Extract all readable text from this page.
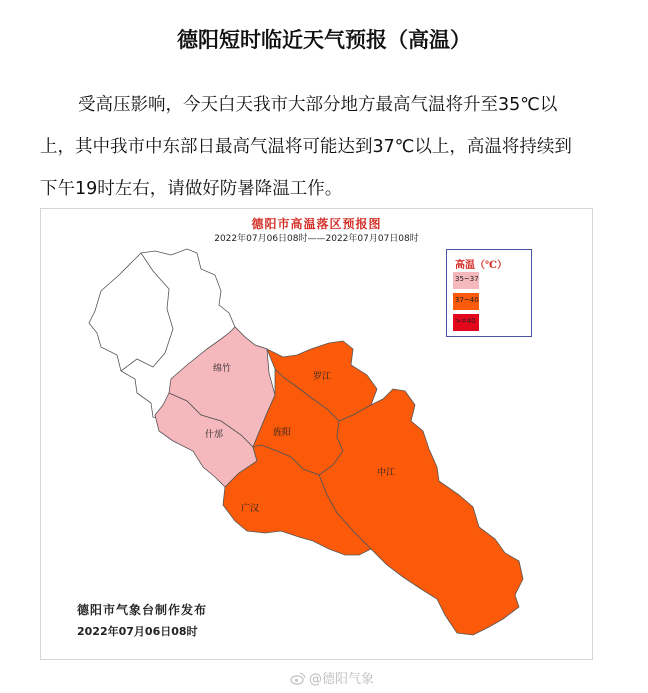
德阳短时临近天气预报（高温）

受高压影响，今天白天我市大部分地方最高气温将升至35℃以

上，其中我市中东部日最高气温将可能达到37℃以上，高温将持续到

下午19时左右，请做好防暑降温工作。

绵竹
什邡
罗江
旌阳
中江
广汉
德阳市高温落区预报图
2022年07月06日08时——2022年07月07日08时
高温（℃）
35~37
37~40
>=40
德阳市气象台制作发布
2022年07月06日08时
@德阳气象
